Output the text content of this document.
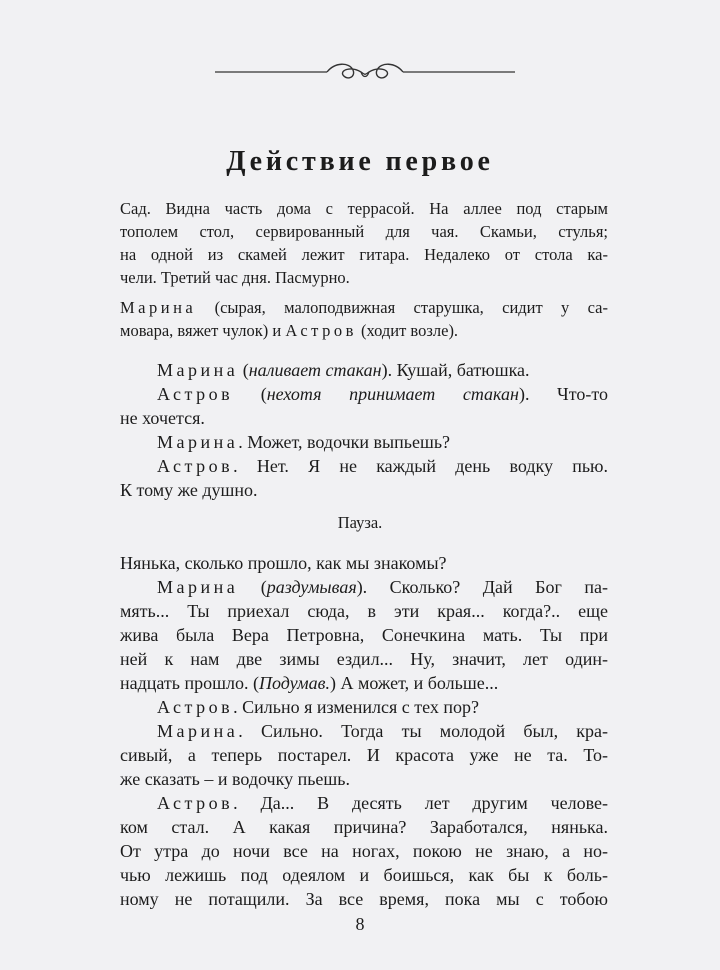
Действие первое
Сад. Видна часть дома с террасой. На аллее под старым
тополем стол, сервированный для чая. Скамьи, стулья;
на одной из скамей лежит гитара. Недалеко от стола ка-
чели. Третий час дня. Пасмурно.
Марина (сырая, малоподвижная старушка, сидит у са-
мовара, вяжет чулок) и Астров (ходит возле).
Марина (наливает стакан). Кушай, батюшка.
Астров (нехотя принимает стакан). Что-то
не хочется.
Марина. Может, водочки выпьешь?
Астров. Нет. Я не каждый день водку пью.
К тому же душно.
Пауза.
Нянька, сколько прошло, как мы знакомы?
Марина (раздумывая). Сколько? Дай Бог па-
мять... Ты приехал сюда, в эти края... когда?.. еще
жива была Вера Петровна, Сонечкина мать. Ты при
ней к нам две зимы ездил... Ну, значит, лет один-
надцать прошло. (Подумав.) А может, и больше...
Астров. Сильно я изменился с тех пор?
Марина. Сильно. Тогда ты молодой был, кра-
сивый, а теперь постарел. И красота уже не та. То-
же сказать – и водочку пьешь.
Астров. Да... В десять лет другим челове-
ком стал. А какая причина? Заработался, нянька.
От утра до ночи все на ногах, покою не знаю, а но-
чью лежишь под одеялом и боишься, как бы к боль-
ному не потащили. За все время, пока мы с тобою
8
